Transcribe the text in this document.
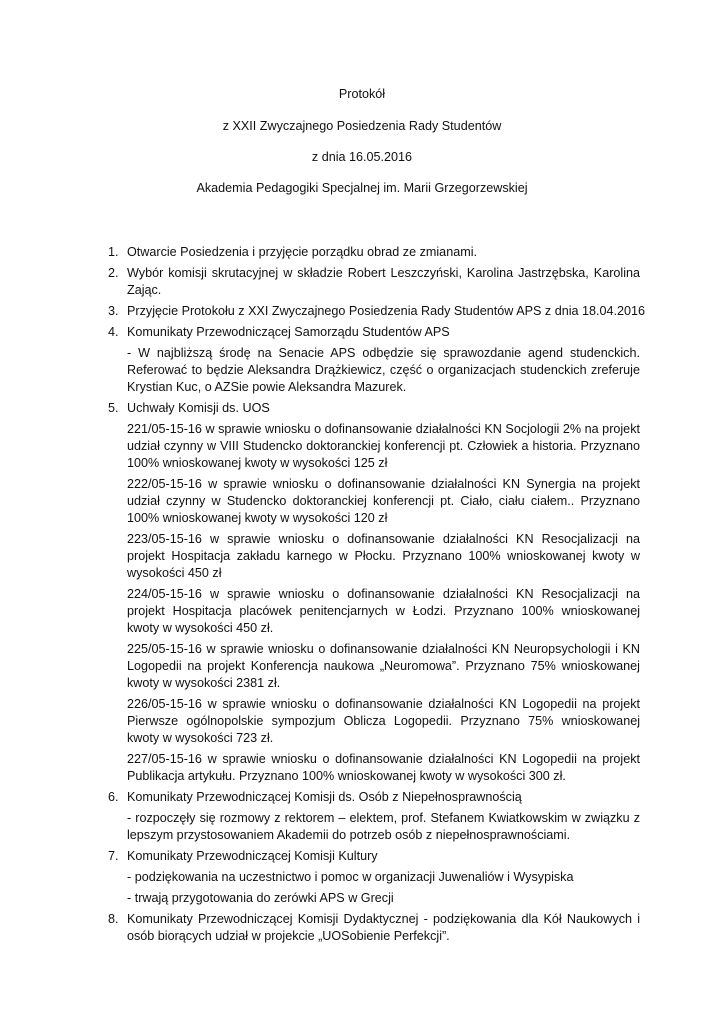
Protokół
z XXII Zwyczajnego Posiedzenia Rady Studentów
z dnia 16.05.2016
Akademia Pedagogiki Specjalnej im. Marii Grzegorzewskiej
1. Otwarcie Posiedzenia i przyjęcie porządku obrad ze zmianami.
2. Wybór komisji skrutacyjnej w składzie Robert Leszczyński, Karolina Jastrzębska, Karolina Zając.
3. Przyjęcie Protokołu z XXI Zwyczajnego Posiedzenia Rady Studentów APS z dnia 18.04.2016
4. Komunikaty Przewodniczącej Samorządu Studentów APS
- W najbliższą środę na Senacie APS odbędzie się sprawozdanie agend studenckich. Referować to będzie Aleksandra Drążkiewicz, część o organizacjach studenckich zreferuje Krystian Kuc, o AZSie powie Aleksandra Mazurek.
5. Uchwały Komisji ds. UOS
221/05-15-16 w sprawie wniosku o dofinansowanie działalności KN Socjologii 2% na projekt udział czynny w VIII Studencko doktoranckiej konferencji pt. Człowiek a historia. Przyznano 100% wnioskowanej kwoty w wysokości 125 zł
222/05-15-16 w sprawie wniosku o dofinansowanie działalności KN Synergia na projekt udział czynny w Studencko doktoranckiej konferencji pt. Ciało, ciału ciałem.. Przyznano 100% wnioskowanej kwoty w wysokości 120 zł
223/05-15-16 w sprawie wniosku o dofinansowanie działalności KN Resocjalizacji na projekt Hospitacja zakładu karnego w Płocku. Przyznano 100% wnioskowanej kwoty w wysokości 450 zł
224/05-15-16 w sprawie wniosku o dofinansowanie działalności KN Resocjalizacji na projekt Hospitacja placówek penitencjarnych w Łodzi. Przyznano 100% wnioskowanej kwoty w wysokości 450 zł.
225/05-15-16 w sprawie wniosku o dofinansowanie działalności KN Neuropsychologii i KN Logopedii na projekt Konferencja naukowa „Neuromowa”. Przyznano 75% wnioskowanej kwoty w wysokości 2381 zł.
226/05-15-16 w sprawie wniosku o dofinansowanie działalności KN Logopedii na projekt Pierwsze ogólnopolskie sympozjum Oblicza Logopedii. Przyznano 75% wnioskowanej kwoty w wysokości 723 zł.
227/05-15-16 w sprawie wniosku o dofinansowanie działalności KN Logopedii na projekt Publikacja artykułu. Przyznano 100% wnioskowanej kwoty w wysokości 300 zł.
6. Komunikaty Przewodniczącej Komisji ds. Osób z Niepełnosprawnością
- rozpoczęły się rozmowy z rektorem – elektem, prof. Stefanem Kwiatkowskim w związku z lepszym przystosowaniem Akademii do potrzeb osób z niepełnosprawnościami.
7. Komunikaty Przewodniczącej Komisji Kultury
- podziękowania na uczestnictwo i pomoc w organizacji Juwenaliów i Wysypiska
- trwają przygotowania do zerówki APS w Grecji
8. Komunikaty Przewodniczącej Komisji Dydaktycznej - podziękowania dla Kół Naukowych i osób biorących udział w projekcie „UOSobienie Perfekcji”.
